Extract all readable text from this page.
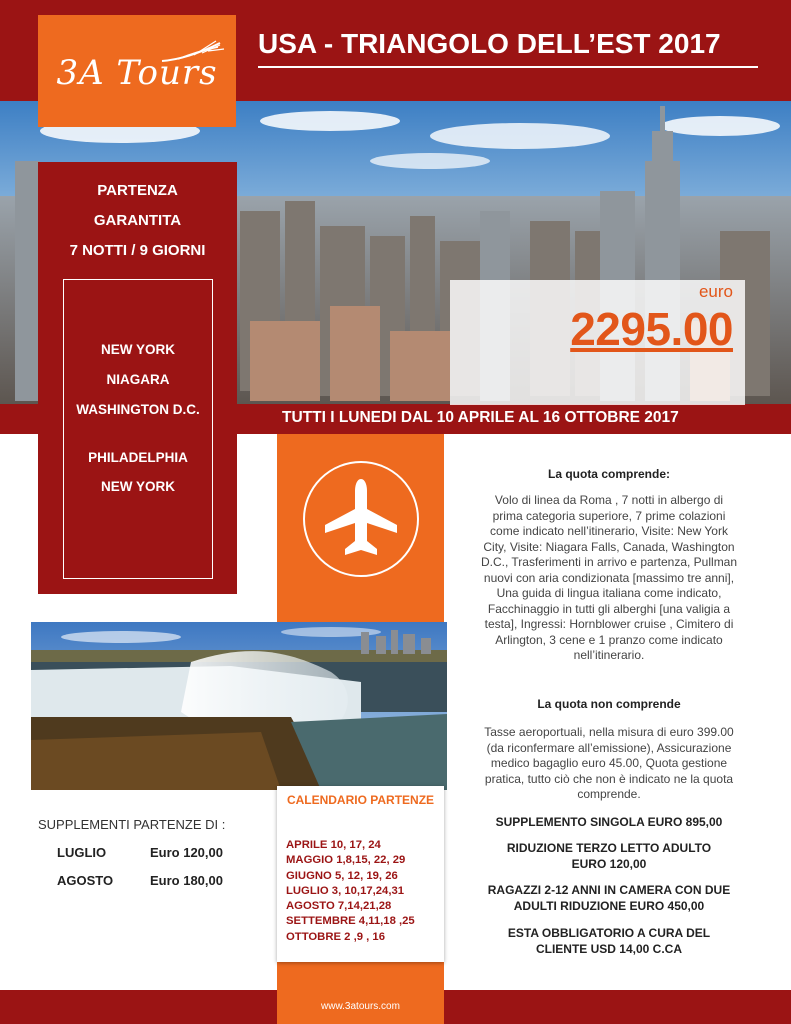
USA - TRIANGOLO DELL’EST 2017
euro
2295.00
3A Tours
TUTTI I LUNEDI DAL 10 APRILE AL 16 OTTOBRE 2017
PARTENZA
GARANTITA
7 NOTTI / 9 GIORNI
NEW YORK
NIAGARA
WASHINGTON D.C.
PHILADELPHIA
NEW YORK
CALENDARIO PARTENZE
APRILE 10, 17, 24
MAGGIO 1,8,15, 22, 29
GIUGNO 5, 12, 19, 26
LUGLIO 3, 10,17,24,31
AGOSTO 7,14,21,28
SETTEMBRE 4,11,18 ,25
OTTOBRE 2 ,9 , 16
SUPPLEMENTI PARTENZE DI :
LUGLIO	Euro 120,00
AGOSTO	Euro 180,00
La quota comprende:
Volo di linea da Roma , 7 notti in albergo di prima categoria superiore, 7 prime colazioni come indicato nell’itinerario, Visite: New York City, Visite: Niagara Falls, Canada, Washington D.C., Trasferimenti in arrivo e partenza, Pullman nuovi con aria condizionata [massimo tre anni], Una guida di lingua italiana come indicato, Facchinaggio in tutti gli alberghi [una valigia a testa], Ingressi: Hornblower cruise , Cimitero di Arlington, 3 cene e 1 pranzo come indicato nell’itinerario.
La quota non comprende
Tasse aeroportuali, nella misura di euro 399.00 (da riconfermare all’emissione), Assicurazione medico bagaglio euro 45.00, Quota gestione pratica, tutto ciò che non è indicato ne la quota comprende.
SUPPLEMENTO SINGOLA EURO 895,00
RIDUZIONE TERZO LETTO ADULTO EURO 120,00
RAGAZZI 2-12 ANNI IN CAMERA CON DUE ADULTI RIDUZIONE EURO 450,00
ESTA OBBLIGATORIO A CURA DEL CLIENTE USD 14,00 C.CA
www.3atours.com
